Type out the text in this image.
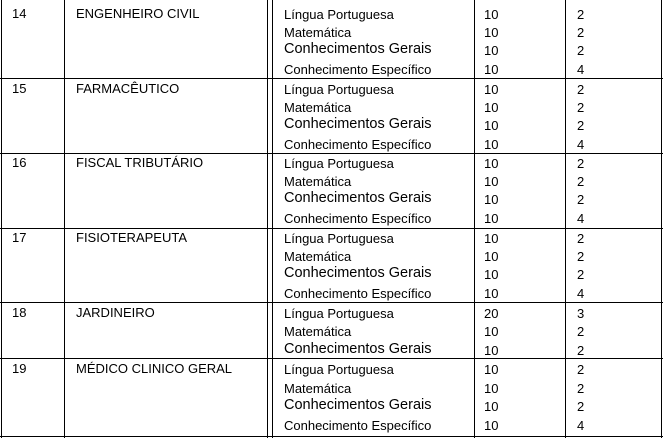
14	ENGENHEIRO CIVIL	Língua Portuguesa	10	2
Matemática	10	2
Conhecimentos Gerais	10	2
Conhecimento Específico	10	4
15	FARMACÊUTICO	Língua Portuguesa	10	2
Matemática	10	2
Conhecimentos Gerais	10	2
Conhecimento Específico	10	4
16	FISCAL TRIBUTÁRIO	Língua Portuguesa	10	2
Matemática	10	2
Conhecimentos Gerais	10	2
Conhecimento Específico	10	4
17	FISIOTERAPEUTA	Língua Portuguesa	10	2
Matemática	10	2
Conhecimentos Gerais	10	2
Conhecimento Específico	10	4
18	JARDINEIRO	Língua Portuguesa	20	3
Matemática	10	2
Conhecimentos Gerais	10	2
19	MÉDICO CLINICO GERAL	Língua Portuguesa	10	2
Matemática	10	2
Conhecimentos Gerais	10	2
Conhecimento Específico	10	4
